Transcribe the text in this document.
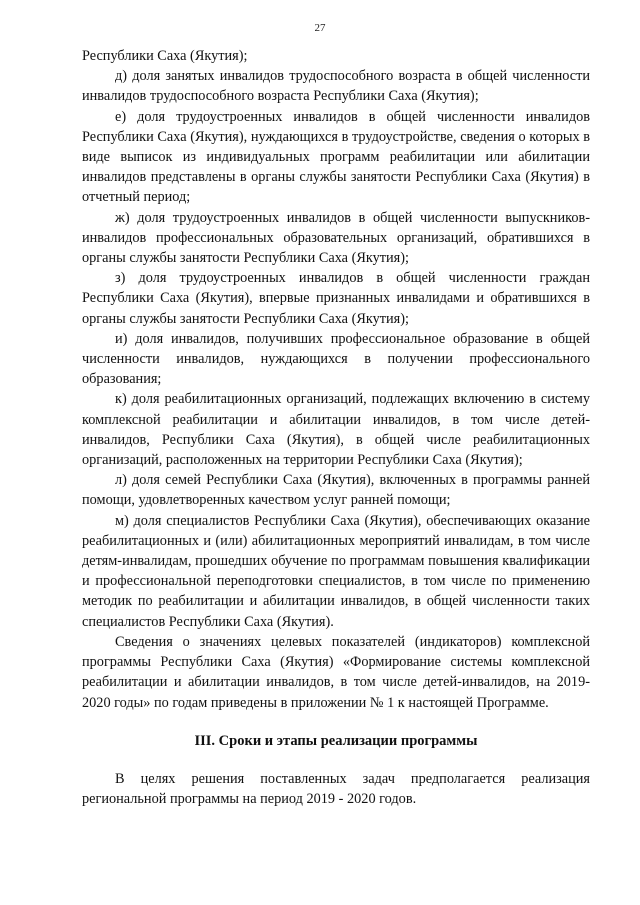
27

Республики Саха (Якутия);

д) доля занятых инвалидов трудоспособного возраста в общей численности инвалидов трудоспособного возраста Республики Саха (Якутия);

е) доля трудоустроенных инвалидов в общей численности инвалидов Республики Саха (Якутия), нуждающихся в трудоустройстве, сведения о которых в виде выписок из индивидуальных программ реабилитации или абилитации инвалидов представлены в органы службы занятости Республики Саха (Якутия) в отчетный период;

ж) доля трудоустроенных инвалидов в общей численности выпускников-инвалидов профессиональных образовательных организаций, обратившихся в органы службы занятости Республики Саха (Якутия);

з) доля трудоустроенных инвалидов в общей численности граждан Республики Саха (Якутия), впервые признанных инвалидами и обратившихся в органы службы занятости Республики Саха (Якутия);

и) доля инвалидов, получивших профессиональное образование в общей численности инвалидов, нуждающихся в получении профессионального образования;

к) доля реабилитационных организаций, подлежащих включению в систему комплексной реабилитации и абилитации инвалидов, в том числе детей-инвалидов, Республики Саха (Якутия), в общей числе реабилитационных организаций, расположенных на территории Республики Саха (Якутия);

л) доля семей Республики Саха (Якутия), включенных в программы ранней помощи, удовлетворенных качеством услуг ранней помощи;

м) доля специалистов Республики Саха (Якутия), обеспечивающих оказание реабилитационных и (или) абилитационных мероприятий инвалидам, в том числе детям-инвалидам, прошедших обучение по программам повышения квалификации и профессиональной переподготовки специалистов, в том числе по применению методик по реабилитации и абилитации инвалидов, в общей численности таких специалистов Республики Саха (Якутия).

Сведения о значениях целевых показателей (индикаторов) комплексной программы Республики Саха (Якутия) «Формирование системы комплексной реабилитации и абилитации инвалидов, в том числе детей-инвалидов, на 2019-2020 годы» по годам приведены в приложении № 1 к настоящей Программе.

III. Сроки и этапы реализации программы

В целях решения поставленных задач предполагается реализация региональной программы на период 2019 - 2020 годов.
